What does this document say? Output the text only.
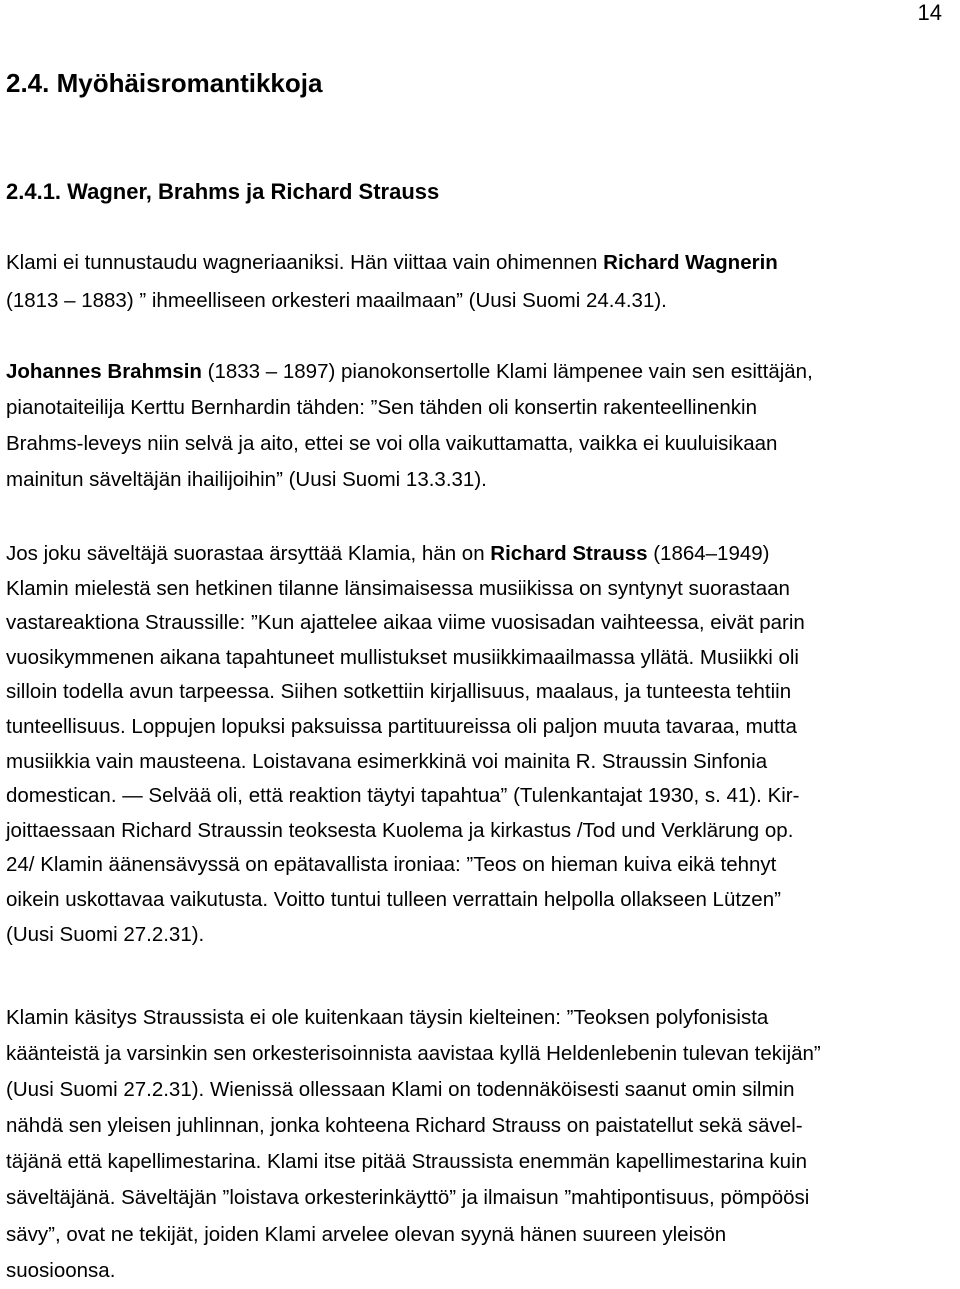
14
2.4. Myöhäisromantikkoja
2.4.1. Wagner, Brahms ja Richard Strauss
Klami ei tunnustaudu wagneriaaniksi. Hän viittaa vain ohimennen Richard Wagnerin
(1813 – 1883) ” ihmeelliseen orkesteri maailmaan” (Uusi Suomi 24.4.31).
Johannes Brahmsin (1833 – 1897) pianokonsertolle Klami lämpenee vain sen esittäjän,
pianotaiteilija Kerttu Bernhardin tähden: ”Sen tähden oli konsertin rakenteellinenkin
Brahms-leveys niin selvä ja aito, ettei se voi olla vaikuttamatta, vaikka ei kuuluisikaan
mainitun säveltäjän ihailijoihin” (Uusi Suomi 13.3.31).
Jos joku säveltäjä suorastaa ärsyttää Klamia, hän on Richard Strauss (1864–1949)
Klamin mielestä sen hetkinen tilanne länsimaisessa musiikissa on syntynyt suorastaan
vastareaktiona Straussille: ”Kun ajattelee aikaa viime vuosisadan vaihteessa, eivät parin
vuosikymmenen aikana tapahtuneet mullistukset musiikkimaailmassa yllätä. Musiikki oli
silloin todella avun tarpeessa. Siihen sotkettiin kirjallisuus, maalaus, ja tunteesta tehtiin
tunteellisuus. Loppujen lopuksi paksuissa partituureissa oli paljon muuta tavaraa, mutta
musiikkia vain mausteena. Loistavana esimerkkinä voi mainita R. Straussin Sinfonia
domestican. — Selvää oli, että reaktion täytyi tapahtua” (Tulenkantajat 1930, s. 41). Kir-
joittaessaan Richard Straussin teoksesta Kuolema ja kirkastus /Tod und Verklärung op.
24/ Klamin äänensävyssä on epätavallista ironiaa: ”Teos on hieman kuiva eikä tehnyt
oikein uskottavaa vaikutusta. Voitto tuntui tulleen verrattain helpolla ollakseen Lützen”
(Uusi Suomi 27.2.31).
Klamin käsitys Straussista ei ole kuitenkaan täysin kielteinen: ”Teoksen polyfonisista
käänteistä ja varsinkin sen orkesterisoinnista aavistaa kyllä Heldenlebenin tulevan tekijän”
(Uusi Suomi 27.2.31). Wienissä ollessaan Klami on todennäköisesti saanut omin silmin
nähdä sen yleisen juhlinnan, jonka kohteena Richard Strauss on paistatellut sekä sävel-
täjänä että kapellimestarina. Klami itse pitää Straussista enemmän kapellimestarina kuin
säveltäjänä. Säveltäjän ”loistava orkesterinkäyttö” ja ilmaisun ”mahtipontisuus, pömpöösi
sävy”, ovat ne tekijät, joiden Klami arvelee olevan syynä hänen suureen yleisön
suosioonsa.
